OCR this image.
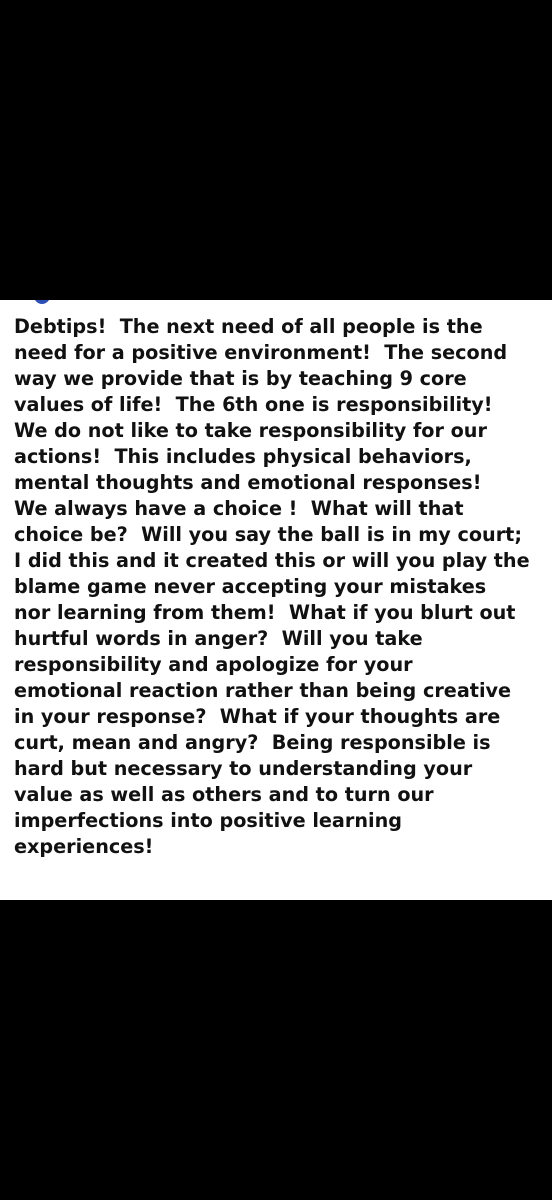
Debtips!  The next need of all people is the
need for a positive environment!  The second
way we provide that is by teaching 9 core
values of life!  The 6th one is responsibility!
We do not like to take responsibility for our
actions!  This includes physical behaviors,
mental thoughts and emotional responses!
We always have a choice !  What will that
choice be?  Will you say the ball is in my court;
I did this and it created this or will you play the
blame game never accepting your mistakes
nor learning from them!  What if you blurt out
hurtful words in anger?  Will you take
responsibility and apologize for your
emotional reaction rather than being creative
in your response?  What if your thoughts are
curt, mean and angry?  Being responsible is
hard but necessary to understanding your
value as well as others and to turn our
imperfections into positive learning
experiences!
